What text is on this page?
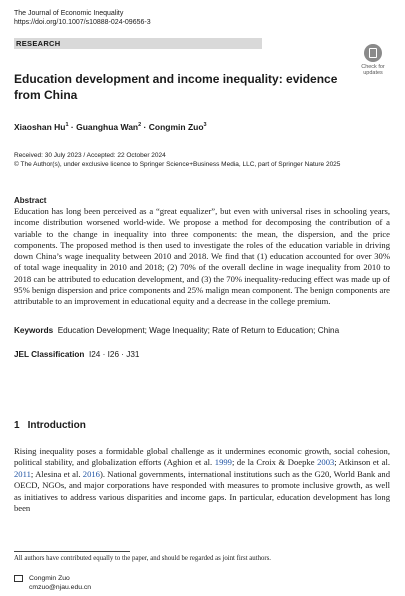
The Journal of Economic Inequality
https://doi.org/10.1007/s10888-024-09656-3
RESEARCH
Check for updates
Education development and income inequality: evidence from China
Xiaoshan $Hu^1$ · Guanghua Wan$^2$ · Congmin Zuo$^3$
Received: 30 July 2023 / Accepted: 22 October 2024
© The Author(s), under exclusive licence to Springer Science+Business Media, LLC, part of Springer Nature 2025
Abstract
Education has long been perceived as a “great equalizer”, but even with universal rises in schooling years, income distribution worsened world-wide. We propose a method for decomposing the contribution of a variable to the change in inequality into three components: the mean, the dispersion, and the price components. The proposed method is then used to investigate the roles of the education variable in driving down China’s wage inequality between 2010 and 2018. We find that (1) education accounted for over 30% of total wage inequality in 2010 and 2018; (2) 70% of the overall decline in wage inequality from 2010 to 2018 can be attributed to education development, and (3) the 70% inequality-reducing effect was made up of 95% benign dispersion and price components and 25% malign mean component. The benign components are attributable to an improvement in educational equity and a decrease in the college premium.
Keywords Education Development; Wage Inequality; Rate of Return to Education; China
JEL Classification I24 · I26 · J31
1 Introduction
Rising inequality poses a formidable global challenge as it undermines economic growth, social cohesion, political stability, and globalization efforts (Aghion et al. 1999; de la Croix & Doepke 2003; Atkinson et al. 2011; Alesina et al. 2016). National governments, international institutions such as the G20, World Bank and OECD, NGOs, and major corporations have responded with measures to promote inclusive growth, as well as initiatives to address various disparities and income gaps. In particular, education development has long been
All authors have contributed equally to the paper, and should be regarded as joint first authors.
Congmin Zuo
cmzuo@njau.edu.cn
